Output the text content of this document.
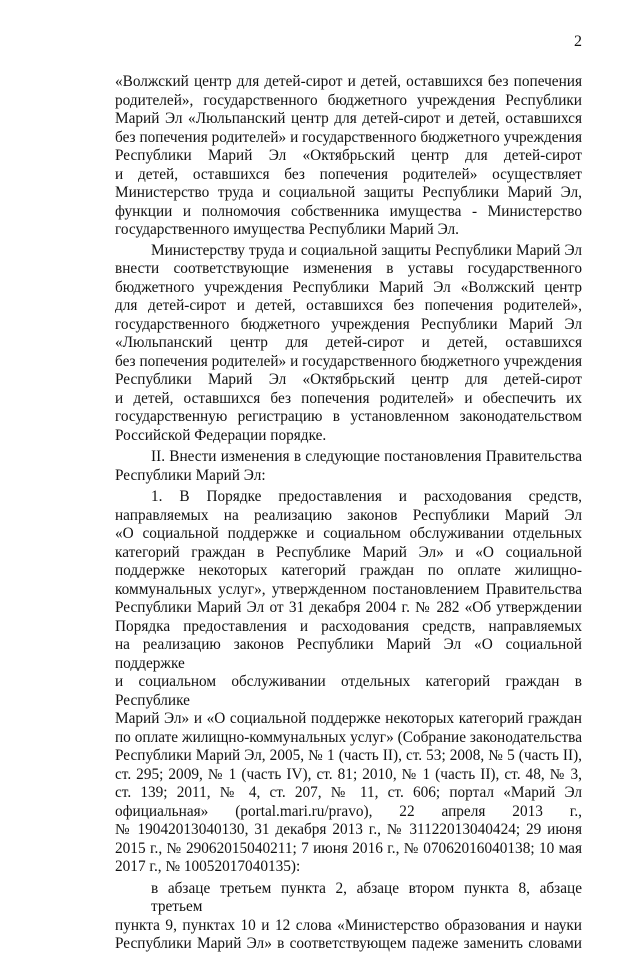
2

«Волжский центр для детей-сирот и детей, оставшихся без попечения

родителей», государственного бюджетного учреждения Республики

Марий Эл «Люльпанский центр для детей-сирот и детей, оставшихся

без попечения родителей» и государственного бюджетного учреждения

Республики Марий Эл «Октябрьский центр для детей-сирот

и детей, оставшихся без попечения родителей» осуществляет

Министерство труда и социальной защиты Республики Марий Эл,

функции и полномочия собственника имущества - Министерство

государственного имущества Республики Марий Эл.

Министерству труда и социальной защиты Республики Марий Эл

внести соответствующие изменения в уставы государственного

бюджетного учреждения Республики Марий Эл «Волжский центр

для детей-сирот и детей, оставшихся без попечения родителей»,

государственного бюджетного учреждения Республики Марий Эл

«Люльпанский центр для детей-сирот и детей, оставшихся

без попечения родителей» и государственного бюджетного учреждения

Республики Марий Эл «Октябрьский центр для детей-сирот

и детей, оставшихся без попечения родителей» и обеспечить их

государственную регистрацию в установленном законодательством

Российской Федерации порядке.

II. Внести изменения в следующие постановления Правительства

Республики Марий Эл:

1. В Порядке предоставления и расходования средств,

направляемых на реализацию законов Республики Марий Эл

«О социальной поддержке и социальном обслуживании отдельных

категорий граждан в Республике Марий Эл» и «О социальной

поддержке некоторых категорий граждан по оплате жилищно-

коммунальных услуг», утвержденном постановлением Правительства

Республики Марий Эл от 31 декабря 2004 г. № 282 «Об утверждении

Порядка предоставления и расходования средств, направляемых

на реализацию законов Республики Марий Эл «О социальной поддержке

и социальном обслуживании отдельных категорий граждан в Республике

Марий Эл» и «О социальной поддержке некоторых категорий граждан

по оплате жилищно-коммунальных услуг» (Собрание законодательства

Республики Марий Эл, 2005, № 1 (часть II), ст. 53; 2008, № 5 (часть II),

ст. 295; 2009, № 1 (часть IV), ст. 81; 2010, № 1 (часть II), ст. 48, № 3,

ст. 139; 2011, № 4, ст. 207, № 11, ст. 606; портал «Марий Эл

официальная» (portal.mari.ru/pravo), 22 апреля 2013 г.,

№ 19042013040130, 31 декабря 2013 г., № 31122013040424; 29 июня

2015 г., № 29062015040211; 7 июня 2016 г., № 07062016040138; 10 мая

2017 г., № 10052017040135):

в абзаце третьем пункта 2, абзаце втором пункта 8, абзаце третьем

пункта 9, пунктах 10 и 12 слова «Министерство образования и науки

Республики Марий Эл» в соответствующем падеже заменить словами
